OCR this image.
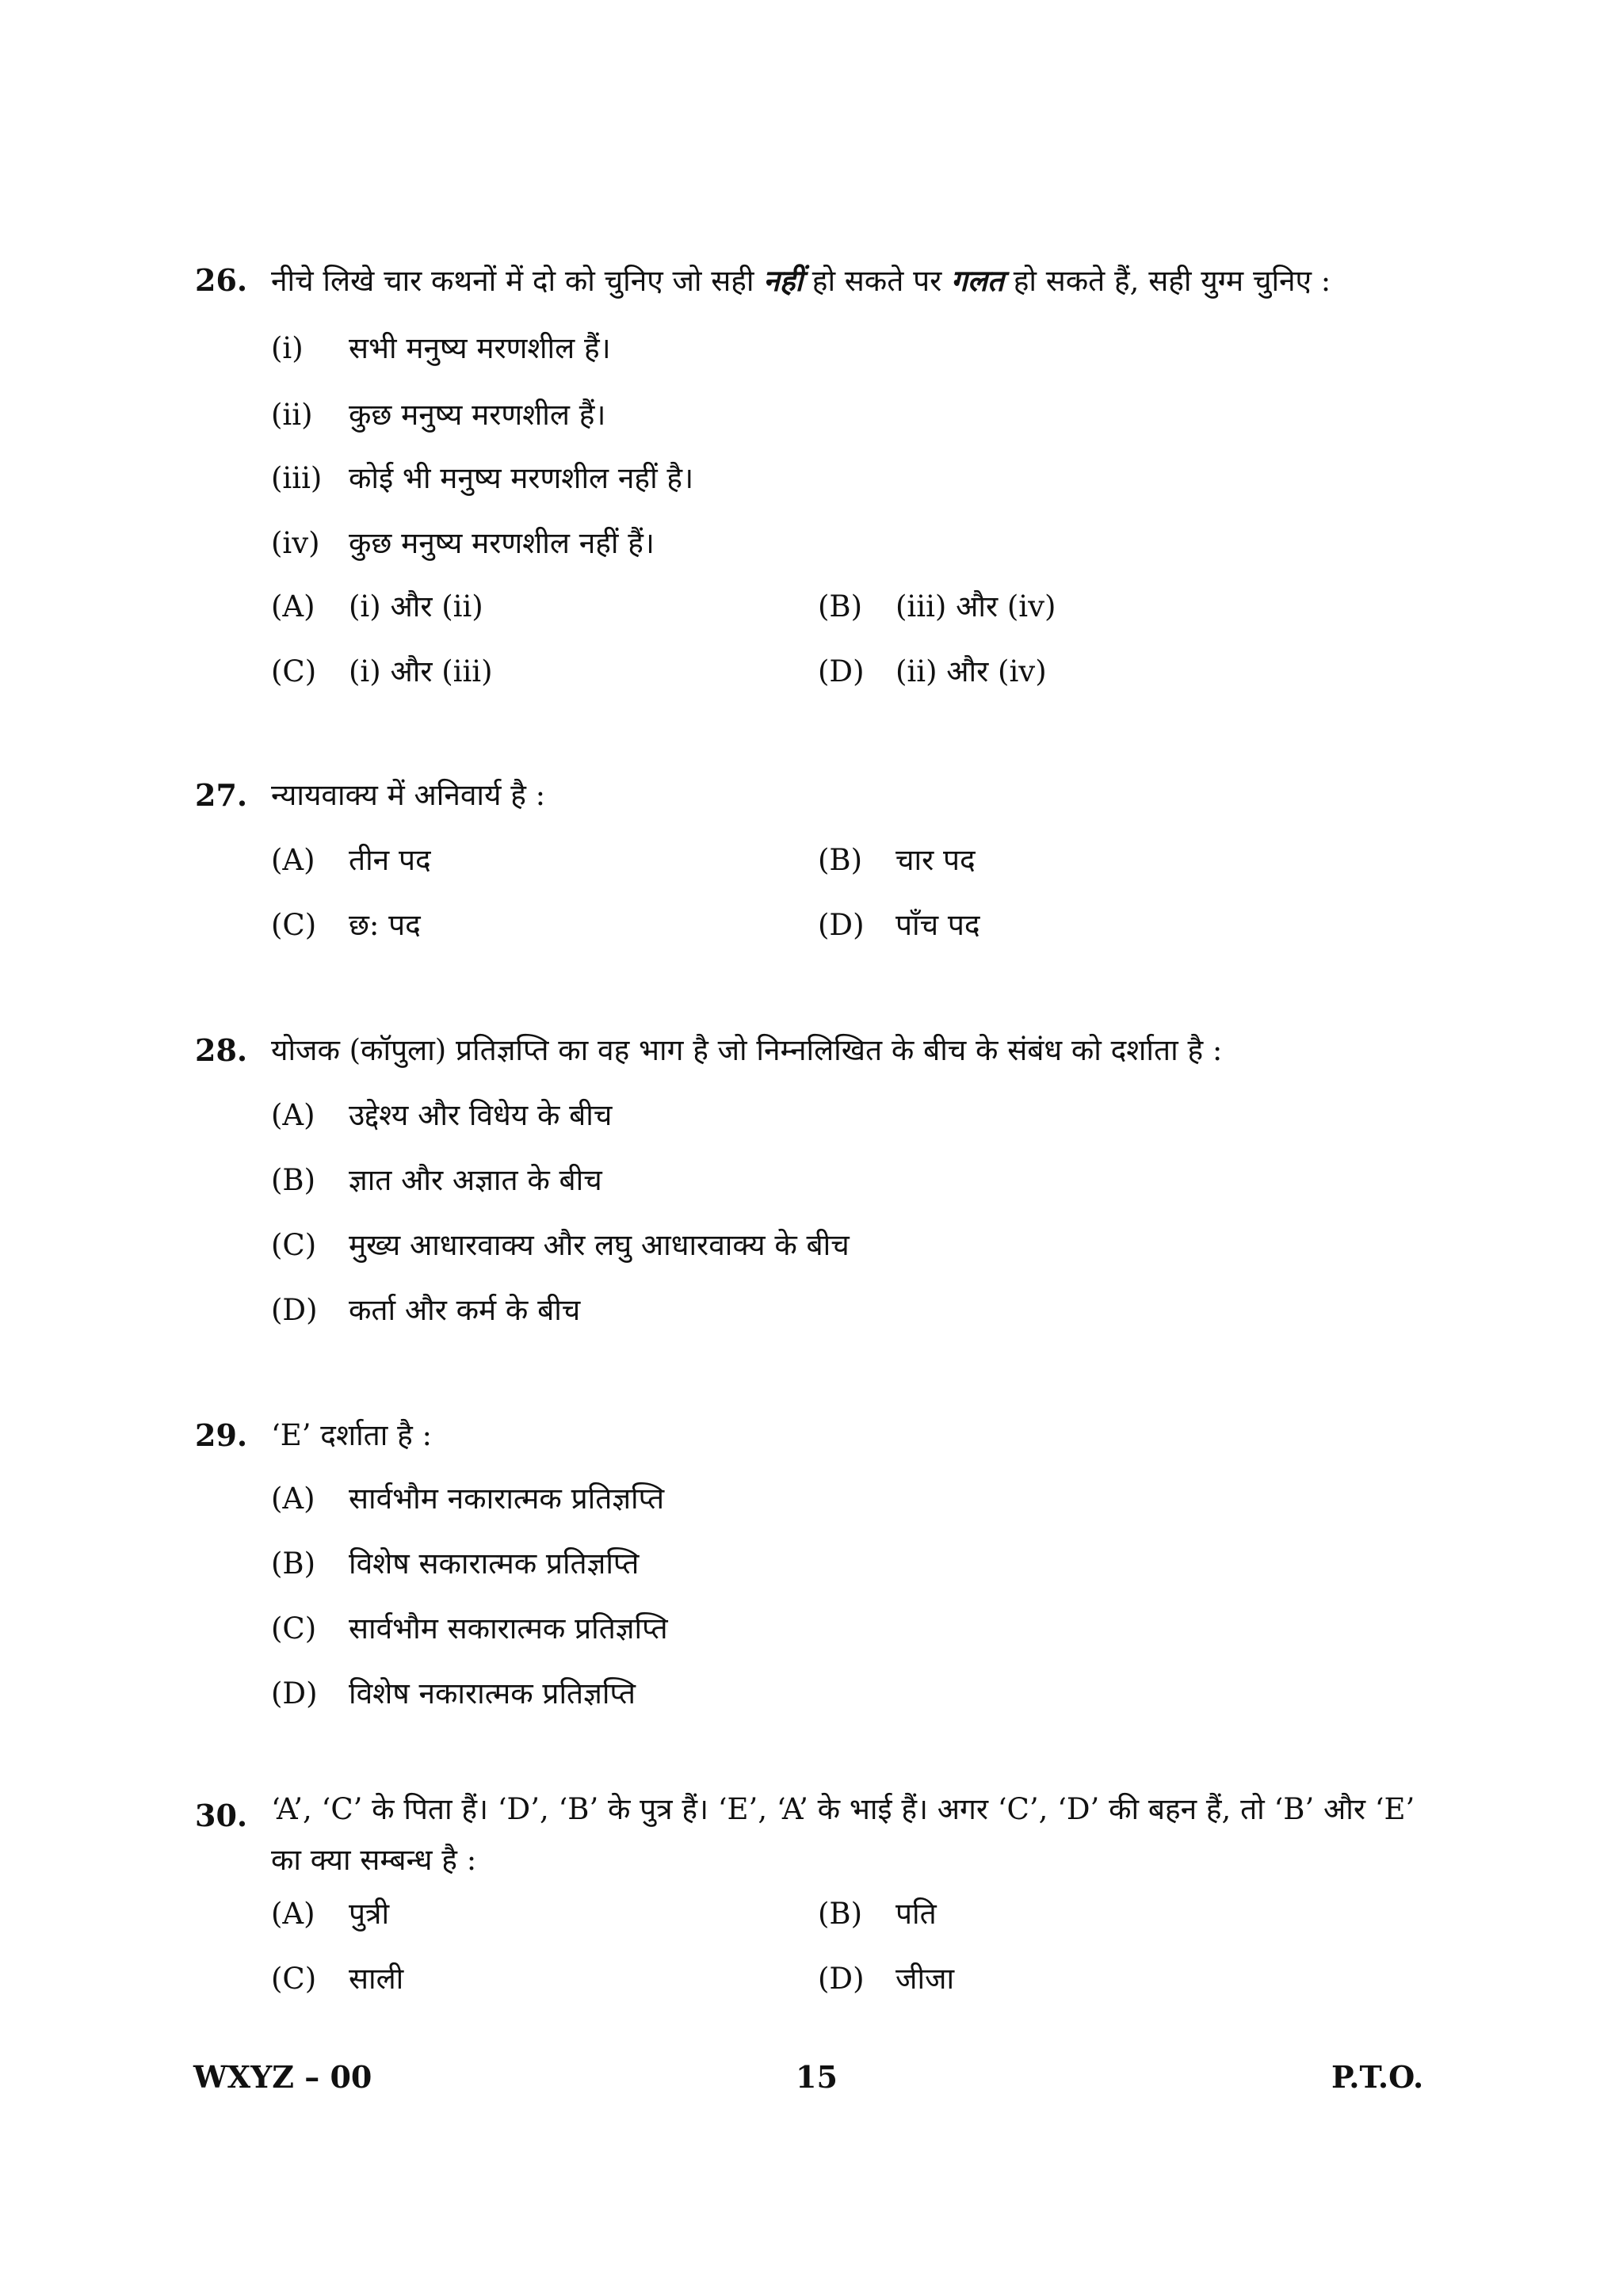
26. नीचे लिखे चार कथनों में दो को चुनिए जो सही नहीं हो सकते पर गलत हो सकते हैं, सही युग्म चुनिए :
(i) सभी मनुष्य मरणशील हैं।
(ii) कुछ मनुष्य मरणशील हैं।
(iii) कोई भी मनुष्य मरणशील नहीं है।
(iv) कुछ मनुष्य मरणशील नहीं हैं।
(A) (i) और (ii)	(B) (iii) और (iv)
(C) (i) और (iii)	(D) (ii) और (iv)
27. न्यायवाक्य में अनिवार्य है :
(A) तीन पद	(B) चार पद
(C) छ: पद	(D) पाँच पद
28. योजक (कॉपुला) प्रतिज्ञप्ति का वह भाग है जो निम्नलिखित के बीच के संबंध को दर्शाता है :
(A) उद्देश्य और विधेय के बीच
(B) ज्ञात और अज्ञात के बीच
(C) मुख्य आधारवाक्य और लघु आधारवाक्य के बीच
(D) कर्ता और कर्म के बीच
29. ‘E’ दर्शाता है :
(A) सार्वभौम नकारात्मक प्रतिज्ञप्ति
(B) विशेष सकारात्मक प्रतिज्ञप्ति
(C) सार्वभौम सकारात्मक प्रतिज्ञप्ति
(D) विशेष नकारात्मक प्रतिज्ञप्ति
30. ‘A’, ‘C’ के पिता हैं। ‘D’, ‘B’ के पुत्र हैं। ‘E’, ‘A’ के भाई हैं। अगर ‘C’, ‘D’ की बहन हैं, तो ‘B’ और ‘E’ का क्या सम्बन्ध है :
(A) पुत्री	(B) पति
(C) साली	(D) जीजा
WXYZ – 00	15	P.T.O.
